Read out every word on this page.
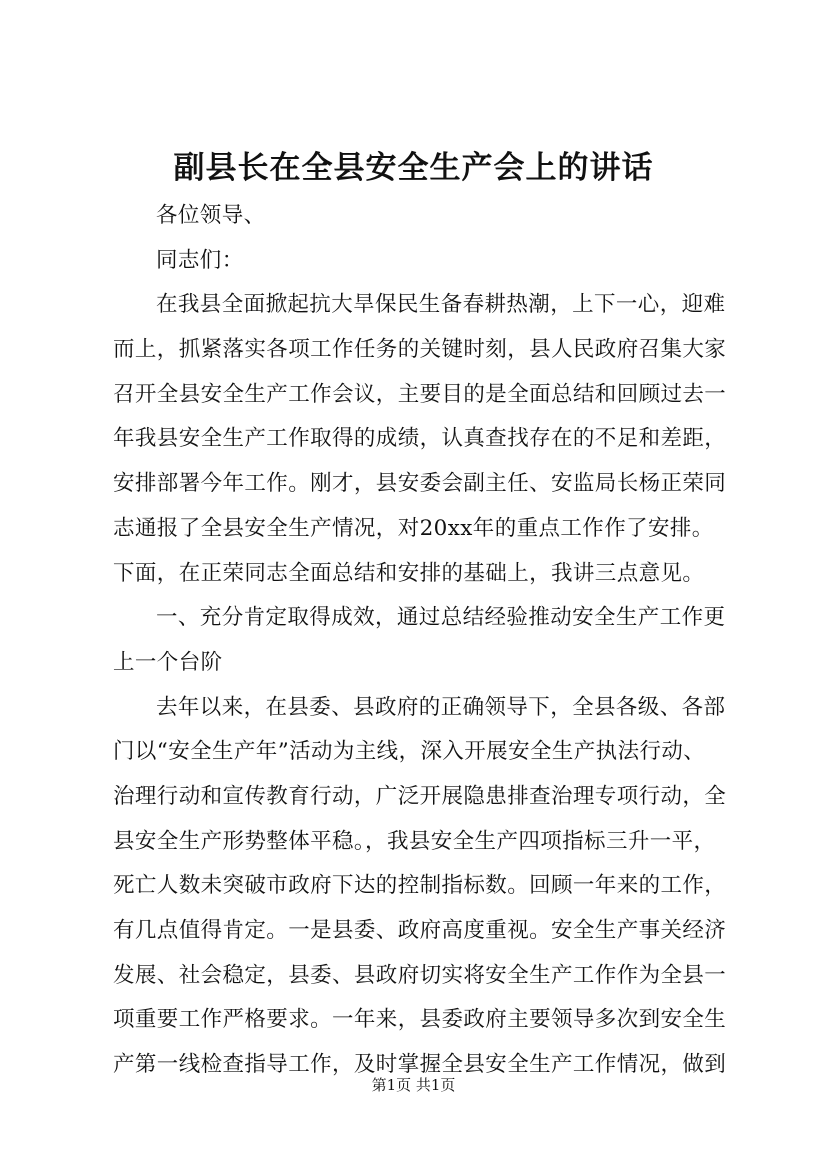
副县长在全县安全生产会上的讲话
各位领导、
同志们：
在我县全面掀起抗大旱保民生备春耕热潮，上下一心，迎难
而上，抓紧落实各项工作任务的关键时刻，县人民政府召集大家
召开全县安全生产工作会议，主要目的是全面总结和回顾过去一
年我县安全生产工作取得的成绩，认真查找存在的不足和差距，
安排部署今年工作。刚才，县安委会副主任、安监局长杨正荣同
志通报了全县安全生产情况，对20xx年的重点工作作了安排。
下面，在正荣同志全面总结和安排的基础上，我讲三点意见。
一、充分肯定取得成效，通过总结经验推动安全生产工作更
上一个台阶
去年以来，在县委、县政府的正确领导下，全县各级、各部
门以“安全生产年”活动为主线，深入开展安全生产执法行动、
治理行动和宣传教育行动，广泛开展隐患排查治理专项行动，全
县安全生产形势整体平稳。，我县安全生产四项指标三升一平，
死亡人数未突破市政府下达的控制指标数。回顾一年来的工作，
有几点值得肯定。一是县委、政府高度重视。安全生产事关经济
发展、社会稳定，县委、县政府切实将安全生产工作作为全县一
项重要工作严格要求。一年来，县委政府主要领导多次到安全生
产第一线检查指导工作，及时掌握全县安全生产工作情况，做到
第1页 共1页
